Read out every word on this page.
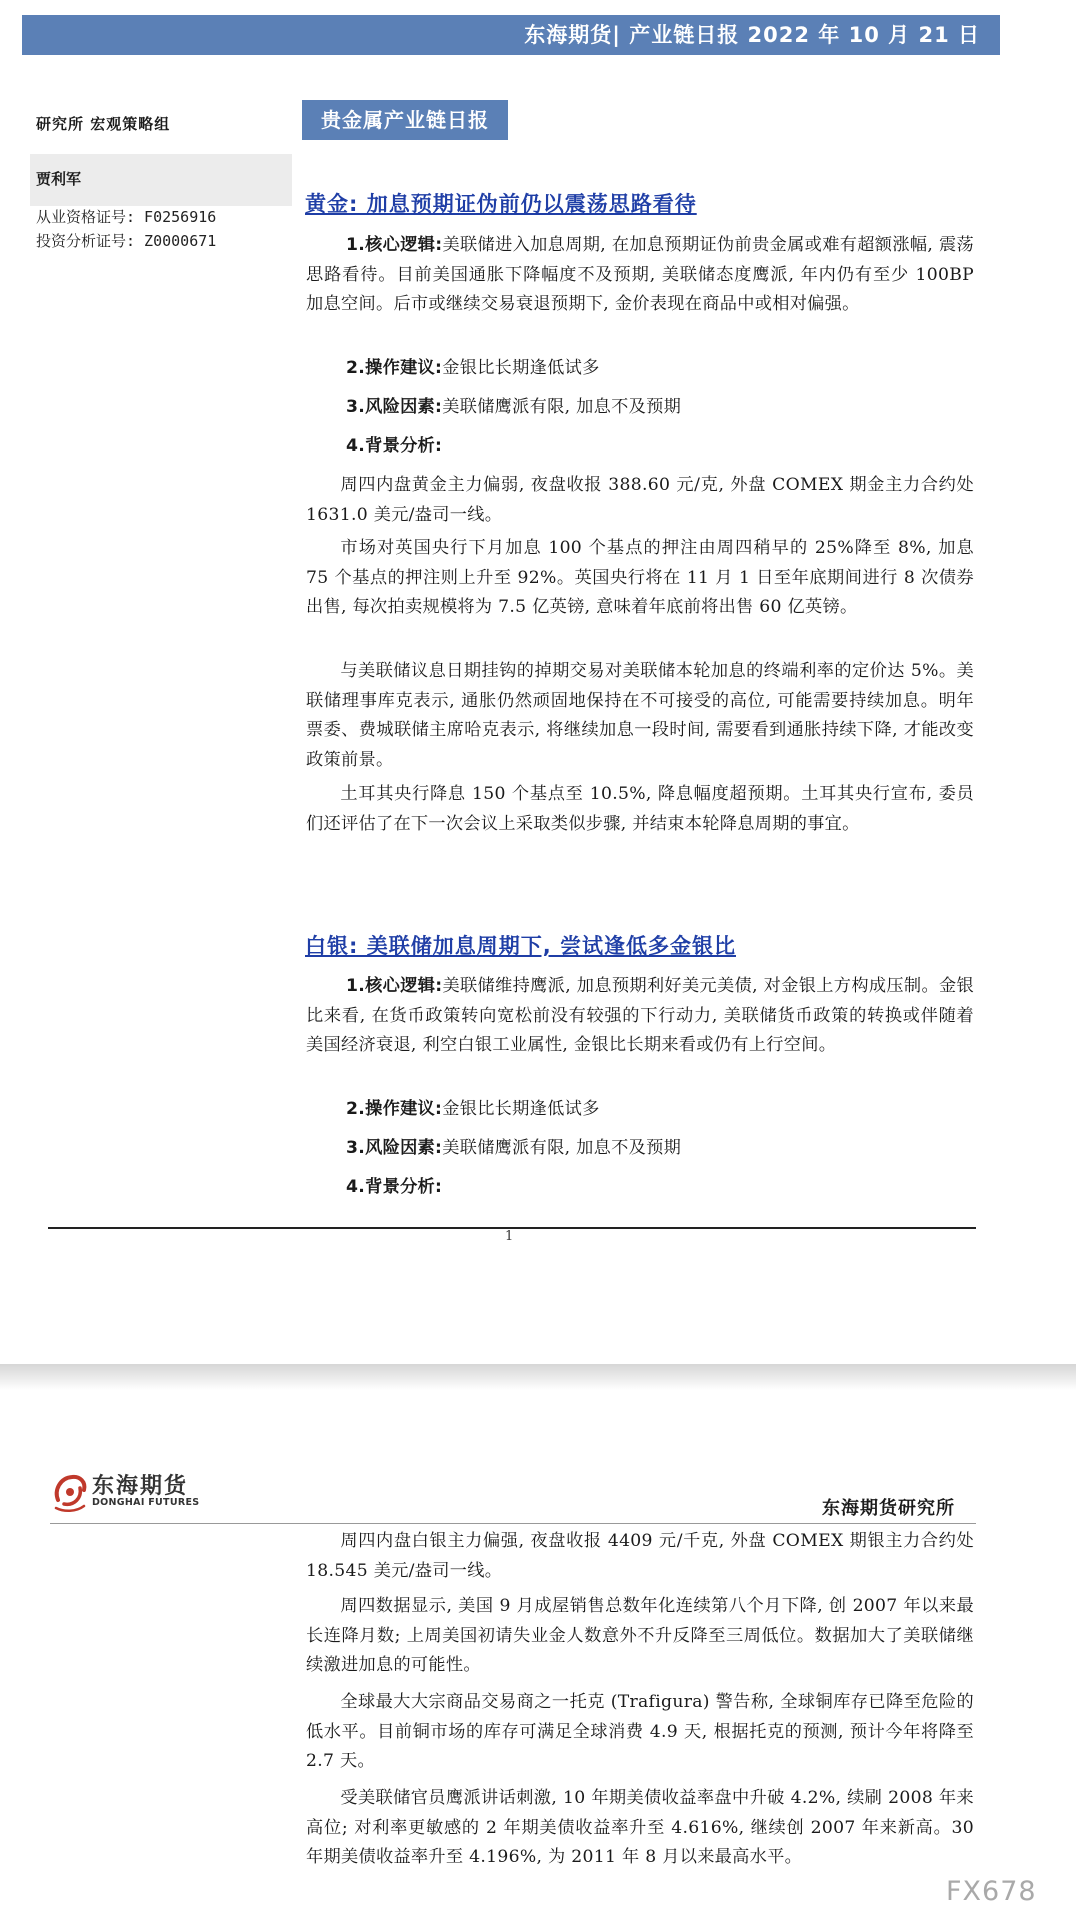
东海期货| 产业链日报 2022 年 10 月 21 日
研究所 宏观策略组
贾利军
从业资格证号: F0256916
投资分析证号: Z0000671
贵金属产业链日报
黄金: 加息预期证伪前仍以震荡思路看待
1.核心逻辑:美联储进入加息周期, 在加息预期证伪前贵金属或难有超额涨幅, 震荡思路看待。目前美国通胀下降幅度不及预期, 美联储态度鹰派, 年内仍有至少 100BP 加息空间。后市或继续交易衰退预期下, 金价表现在商品中或相对偏强。
2.操作建议:金银比长期逢低试多
3.风险因素:美联储鹰派有限, 加息不及预期
4.背景分析:
周四内盘黄金主力偏弱, 夜盘收报 388.60 元/克, 外盘 COMEX 期金主力合约处 1631.0 美元/盎司一线。
市场对英国央行下月加息 100 个基点的押注由周四稍早的 25%降至 8%, 加息 75 个基点的押注则上升至 92%。英国央行将在 11 月 1 日至年底期间进行 8 次债券出售, 每次拍卖规模将为 7.5 亿英镑, 意味着年底前将出售 60 亿英镑。
与美联储议息日期挂钩的掉期交易对美联储本轮加息的终端利率的定价达 5%。美联储理事库克表示, 通胀仍然顽固地保持在不可接受的高位, 可能需要持续加息。明年票委、费城联储主席哈克表示, 将继续加息一段时间, 需要看到通胀持续下降, 才能改变政策前景。
土耳其央行降息 150 个基点至 10.5%, 降息幅度超预期。土耳其央行宣布, 委员们还评估了在下一次会议上采取类似步骤, 并结束本轮降息周期的事宜。
白银: 美联储加息周期下, 尝试逢低多金银比
1.核心逻辑:美联储维持鹰派, 加息预期利好美元美债, 对金银上方构成压制。金银比来看, 在货币政策转向宽松前没有较强的下行动力, 美联储货币政策的转换或伴随着美国经济衰退, 利空白银工业属性, 金银比长期来看或仍有上行空间。
2.操作建议:金银比长期逢低试多
3.风险因素:美联储鹰派有限, 加息不及预期
4.背景分析:
1
东海期货
DONGHAI FUTURES	东海期货研究所
周四内盘白银主力偏强, 夜盘收报 4409 元/千克, 外盘 COMEX 期银主力合约处 18.545 美元/盎司一线。
周四数据显示, 美国 9 月成屋销售总数年化连续第八个月下降, 创 2007 年以来最长连降月数; 上周美国初请失业金人数意外不升反降至三周低位。数据加大了美联储继续激进加息的可能性。
全球最大大宗商品交易商之一托克 (Trafigura) 警告称, 全球铜库存已降至危险的低水平。目前铜市场的库存可满足全球消费 4.9 天, 根据托克的预测, 预计今年将降至 2.7 天。
受美联储官员鹰派讲话刺激, 10 年期美债收益率盘中升破 4.2%, 续刷 2008 年来高位; 对利率更敏感的 2 年期美债收益率升至 4.616%, 继续创 2007 年来新高。30 年期美债收益率升至 4.196%, 为 2011 年 8 月以来最高水平。
FX678
